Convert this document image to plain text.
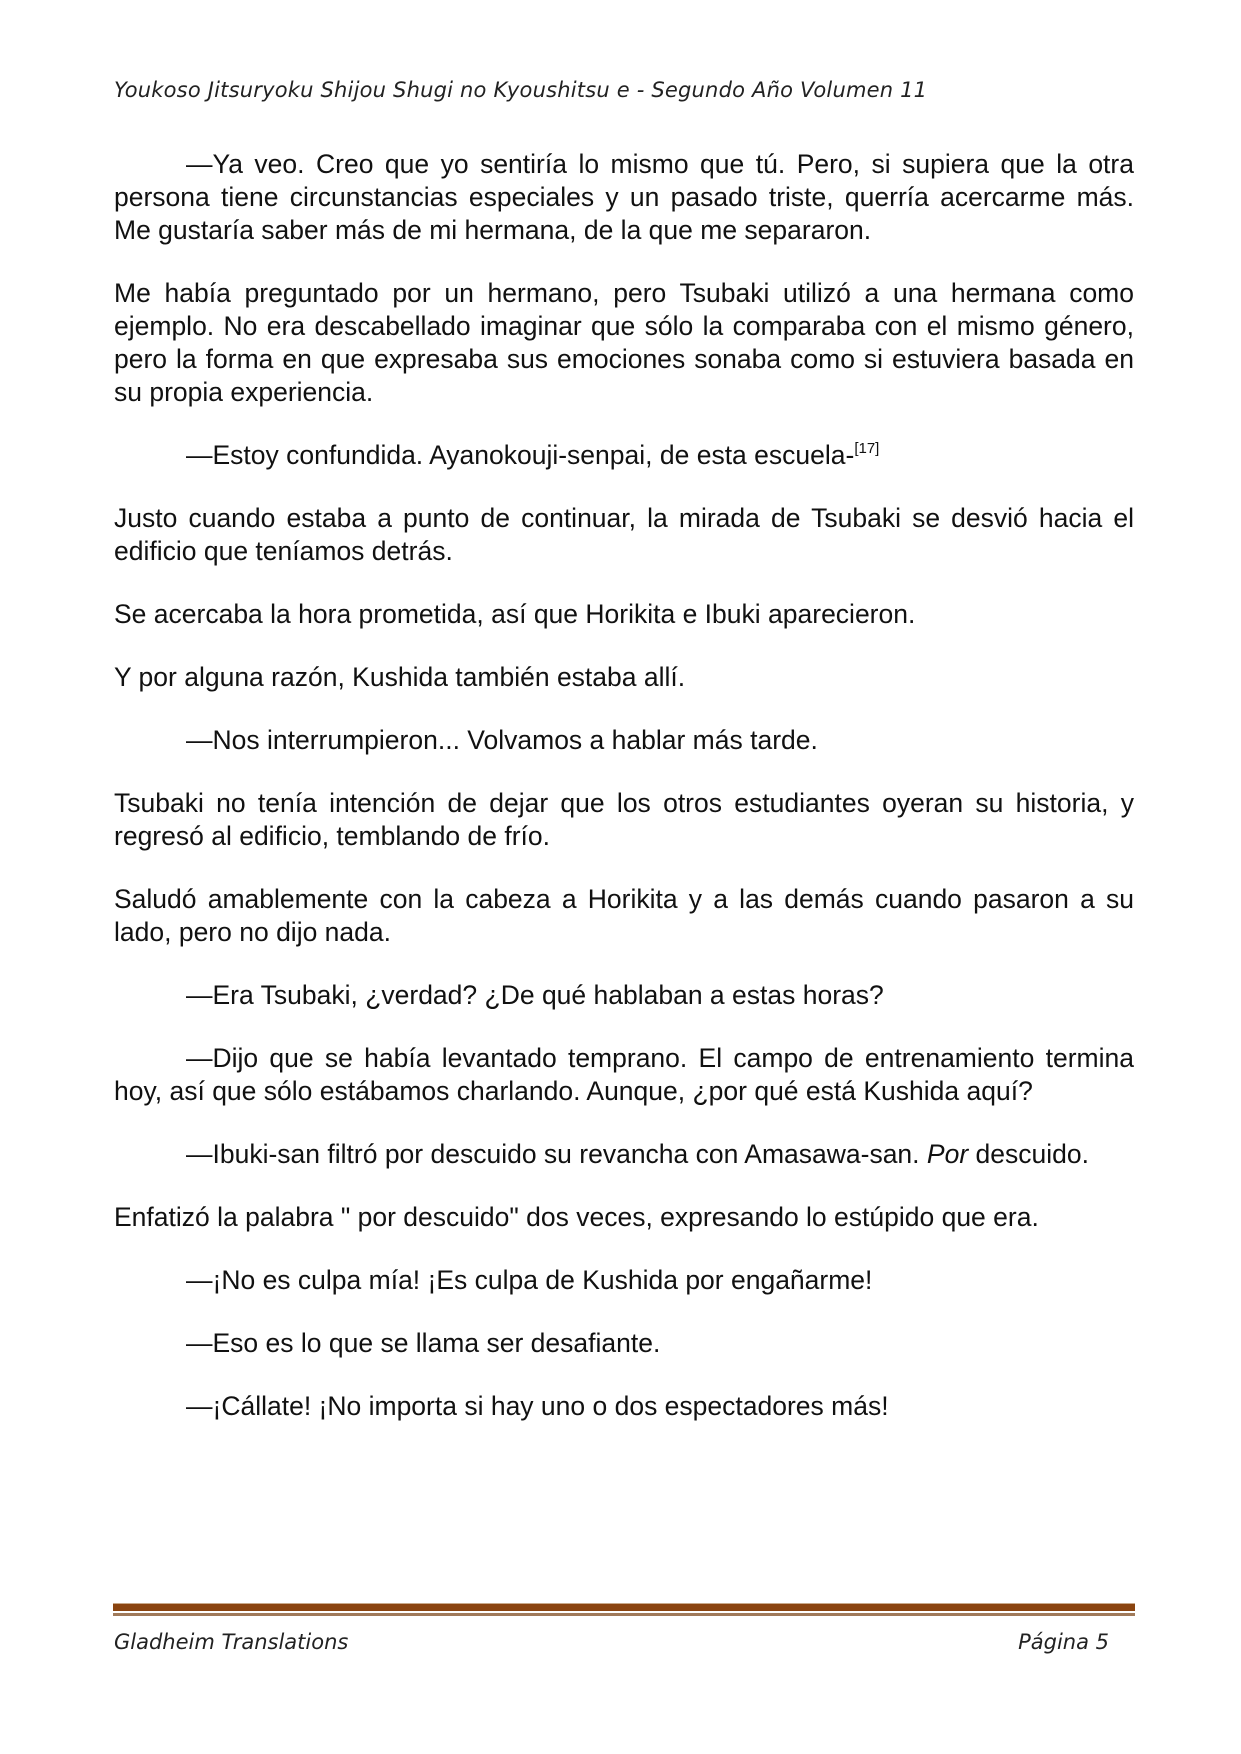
Youkoso Jitsuryoku Shijou Shugi no Kyoushitsu e - Segundo Año Volumen 11

—Ya veo. Creo que yo sentiría lo mismo que tú. Pero, si supiera que la otra persona tiene circunstancias especiales y un pasado triste, querría acercarme más. Me gustaría saber más de mi hermana, de la que me separaron.

Me había preguntado por un hermano, pero Tsubaki utilizó a una hermana como ejemplo. No era descabellado imaginar que sólo la comparaba con el mismo género, pero la forma en que expresaba sus emociones sonaba como si estuviera basada en su propia experiencia.

—Estoy confundida. Ayanokouji-senpai, de esta escuela-[17]

Justo cuando estaba a punto de continuar, la mirada de Tsubaki se desvió hacia el edificio que teníamos detrás.

Se acercaba la hora prometida, así que Horikita e Ibuki aparecieron.

Y por alguna razón, Kushida también estaba allí.

—Nos interrumpieron... Volvamos a hablar más tarde.

Tsubaki no tenía intención de dejar que los otros estudiantes oyeran su historia, y regresó al edificio, temblando de frío.

Saludó amablemente con la cabeza a Horikita y a las demás cuando pasaron a su lado, pero no dijo nada.

—Era Tsubaki, ¿verdad? ¿De qué hablaban a estas horas?

—Dijo que se había levantado temprano. El campo de entrenamiento termina hoy, así que sólo estábamos charlando. Aunque, ¿por qué está Kushida aquí?

—Ibuki-san filtró por descuido su revancha con Amasawa-san. Por descuido.

Enfatizó la palabra " por descuido" dos veces, expresando lo estúpido que era.

—¡No es culpa mía! ¡Es culpa de Kushida por engañarme!

—Eso es lo que se llama ser desafiante.

—¡Cállate! ¡No importa si hay uno o dos espectadores más!

Gladheim Translations	Página 5
